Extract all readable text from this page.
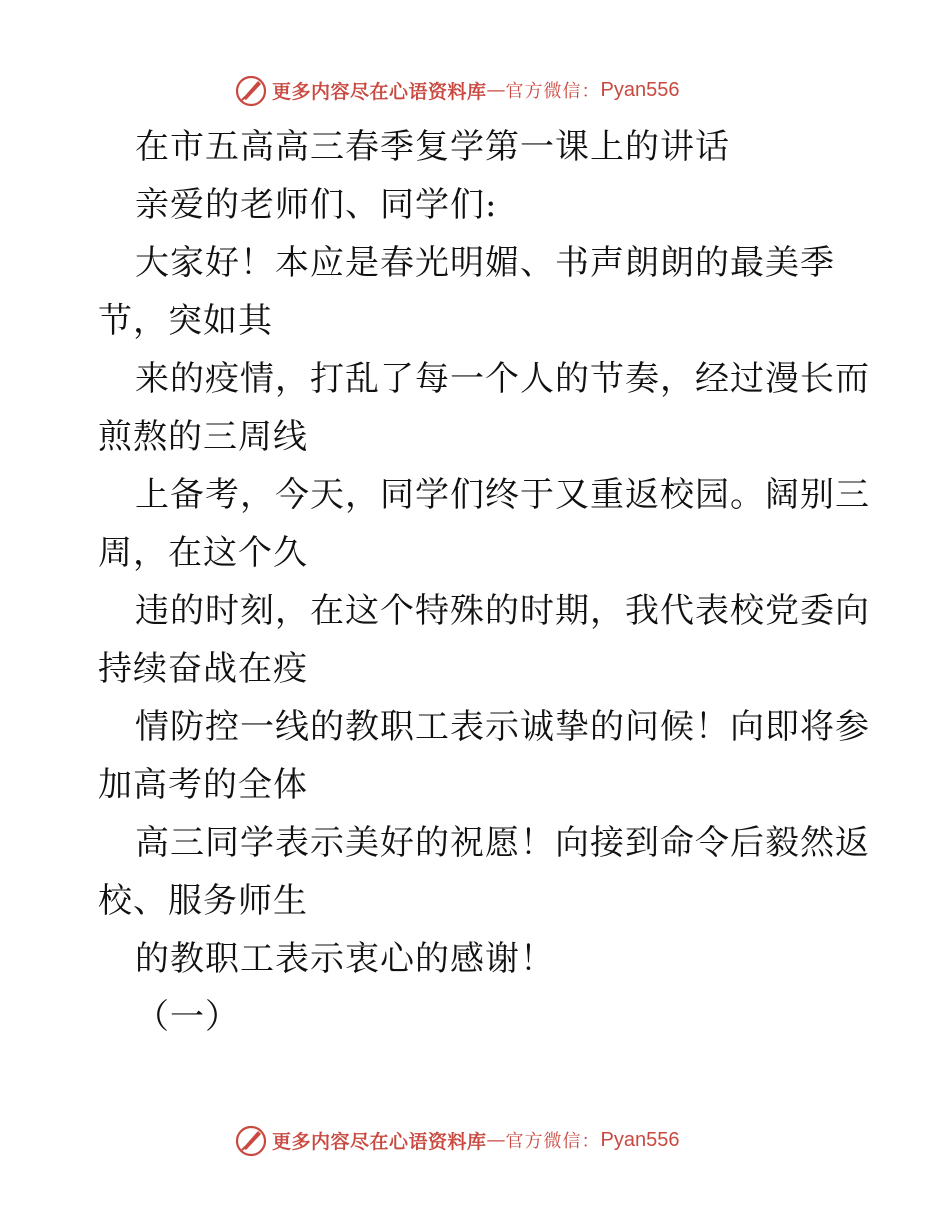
更多内容尽在心语资料库 — 官方微信： Pyan556
在市五高高三春季复学第一课上的讲话
亲爱的老师们、同学们:
大家好！本应是春光明媚、书声朗朗的最美季
节，突如其
来的疫情，打乱了每一个人的节奏，经过漫长而
煎熬的三周线
上备考，今天，同学们终于又重返校园。阔别三
周，在这个久
违的时刻，在这个特殊的时期，我代表校党委向
持续奋战在疫
情防控一线的教职工表示诚挚的问候！向即将参
加高考的全体
高三同学表示美好的祝愿！向接到命令后毅然返
校、服务师生
的教职工表示衷心的感谢！
（一）
更多内容尽在心语资料库 — 官方微信： Pyan556
